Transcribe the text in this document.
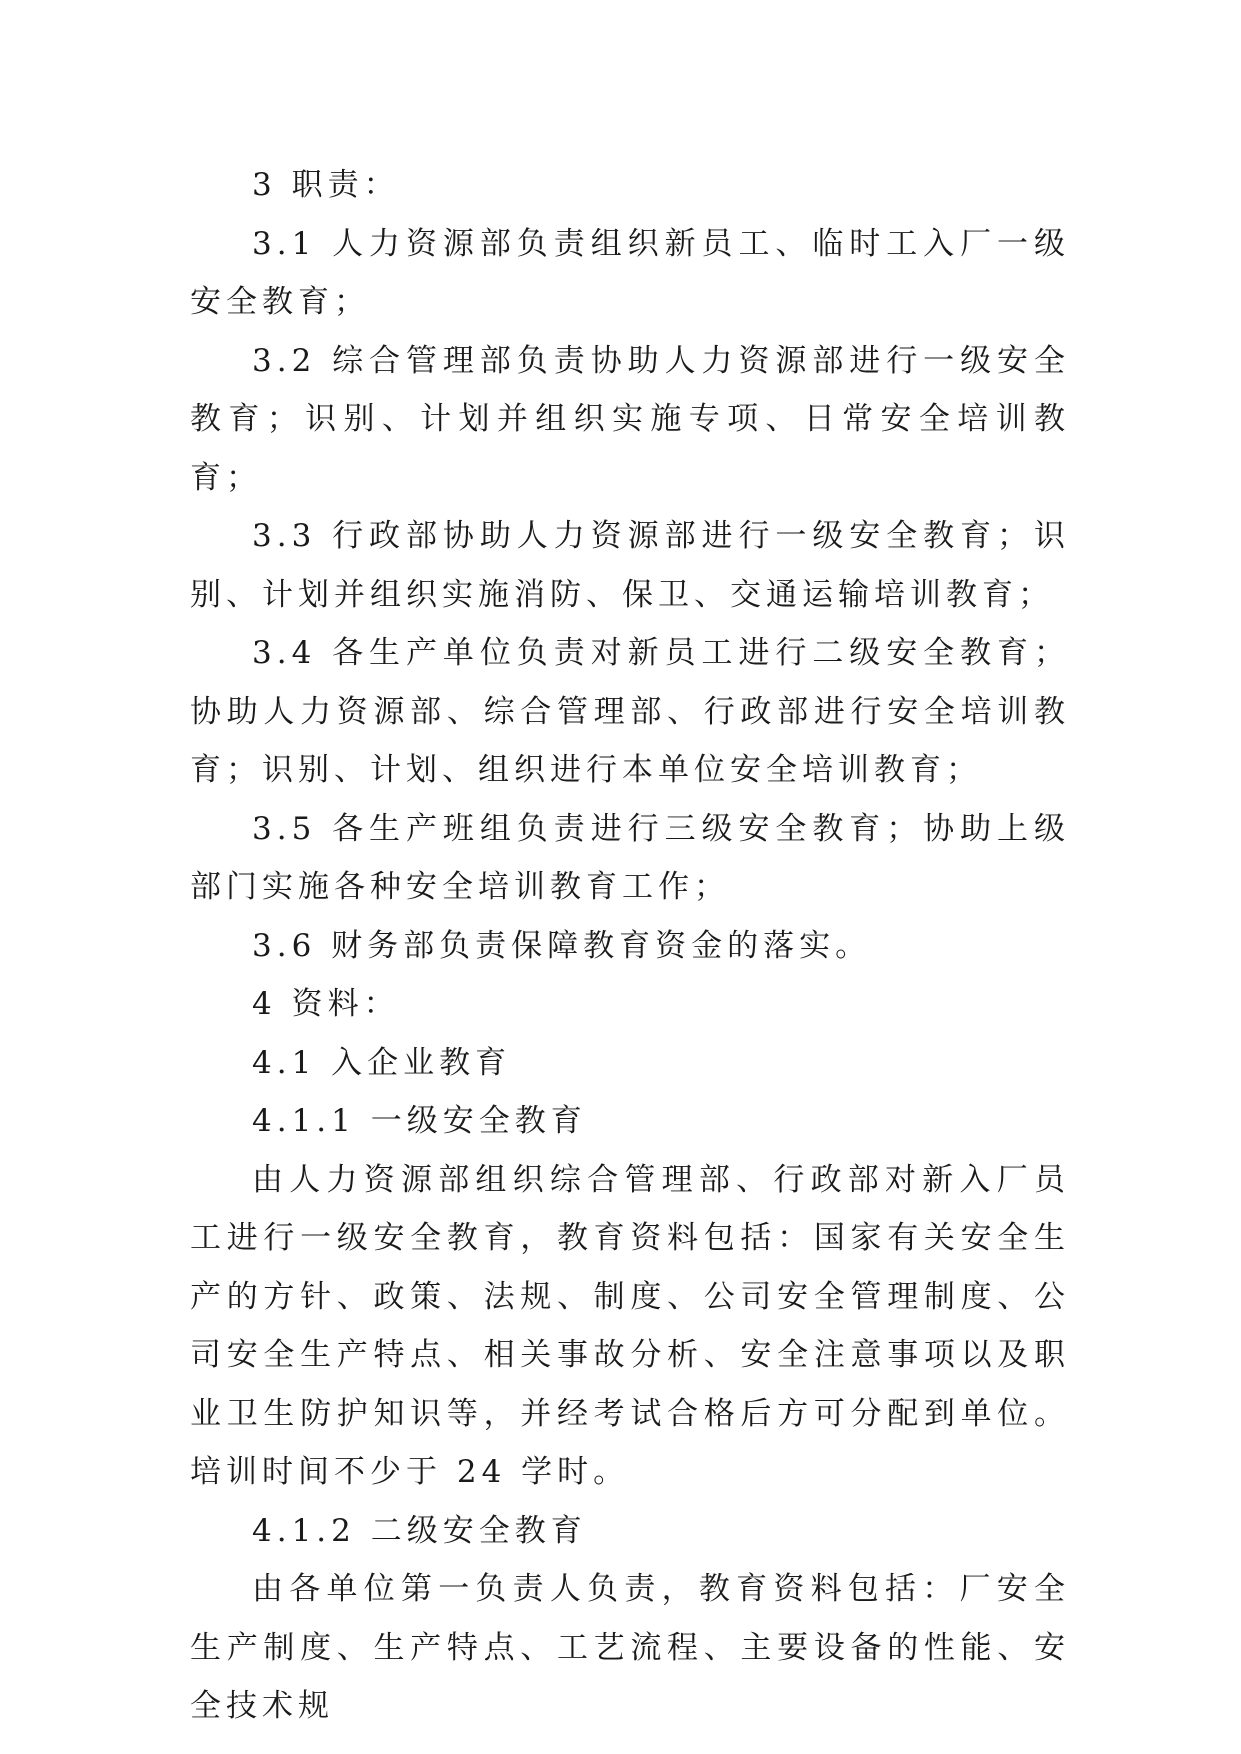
3 职责：

3.1 人力资源部负责组织新员工、临时工入厂一级安全教育；

3.2 综合管理部负责协助人力资源部进行一级安全教育；识别、计划并组织实施专项、日常安全培训教育；

3.3 行政部协助人力资源部进行一级安全教育；识别、计划并组织实施消防、保卫、交通运输培训教育；

3.4 各生产单位负责对新员工进行二级安全教育；协助人力资源部、综合管理部、行政部进行安全培训教育；识别、计划、组织进行本单位安全培训教育；

3.5 各生产班组负责进行三级安全教育；协助上级部门实施各种安全培训教育工作；

3.6 财务部负责保障教育资金的落实。

4 资料：

4.1 入企业教育

4.1.1 一级安全教育

由人力资源部组织综合管理部、行政部对新入厂员工进行一级安全教育，教育资料包括：国家有关安全生产的方针、政策、法规、制度、公司安全管理制度、公司安全生产特点、相关事故分析、安全注意事项以及职业卫生防护知识等，并经考试合格后方可分配到单位。培训时间不少于 24 学时。

4.1.2 二级安全教育

由各单位第一负责人负责，教育资料包括：厂安全生产制度、生产特点、工艺流程、主要设备的性能、安全技术规
